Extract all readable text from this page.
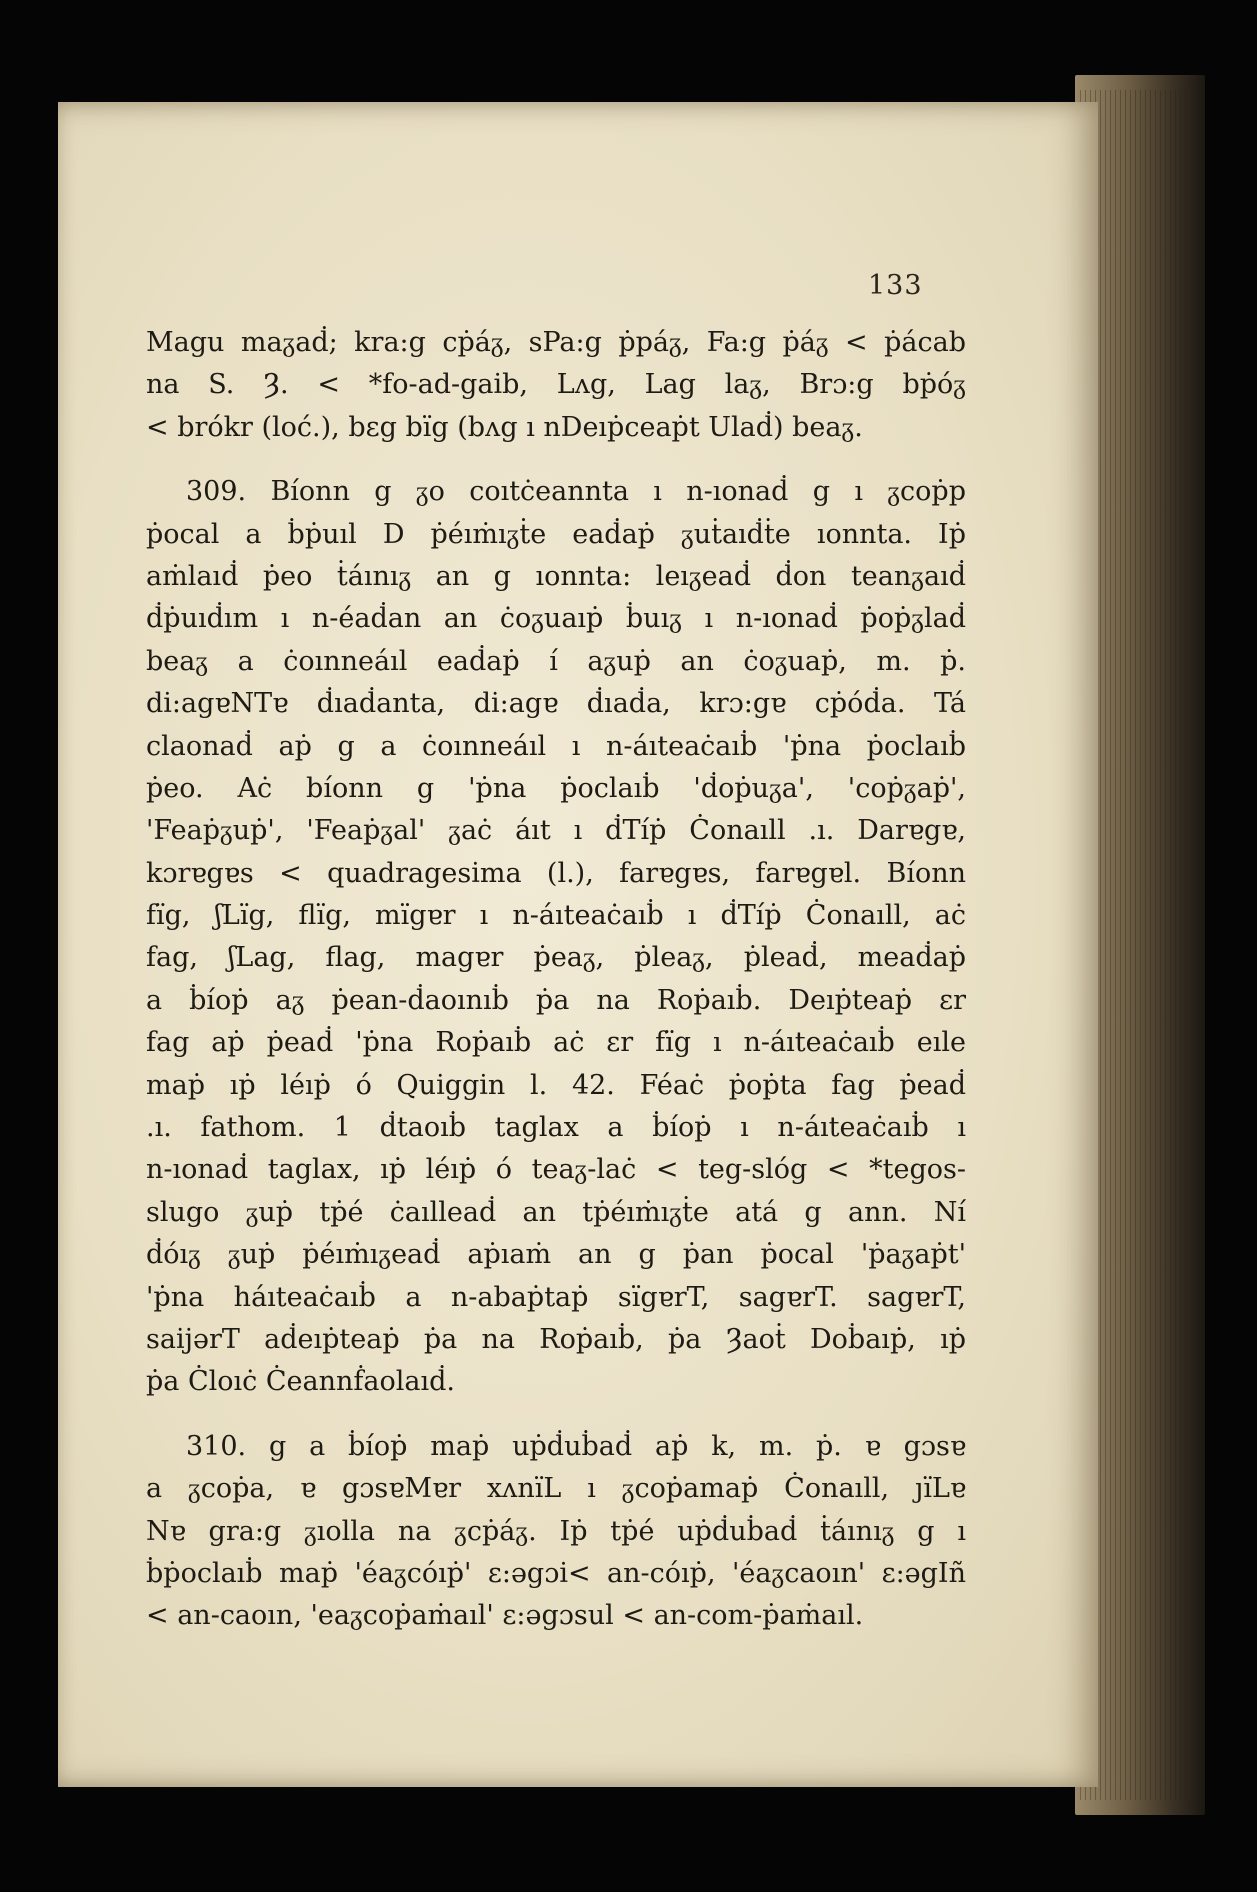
133
Magu maᵹaḋ; kra:g cṗáᵹ, sPa:g ṗpáᵹ, Fa:g ṗáᵹ < ṗácab
na S. Ȝ. < *fo-ad-gaib, Lᴧg, Lag laᵹ, Brɔ:g bṗóᵹ
< brókr (loć.), bɛg bïg (bᴧg ı nDeıṗceaṗt Ulaḋ) beaᵹ.
309. Bíonn g ᵹo coıtċeannta ı n-ıonaḋ g ı ᵹcoṗp
ṗocal a ḃṗuıl D ṗéıṁıᵹṫe eaḋaṗ ᵹuṫaıḋṫe ıonnta. Iṗ
aṁlaıḋ ṗeo ṫáınıᵹ an g ıonnta: leıᵹeaḋ ḋon teanᵹaıḋ
ḋṗuıḋım ı n-éaḋan an ċoᵹuaıṗ ḃuıᵹ ı n-ıonaḋ ṗoṗᵹlaḋ
beaᵹ a ċoınneáıl eaḋaṗ í aᵹuṗ an ċoᵹuaṗ, m. ṗ.
di:agɐNTɐ ḋıaḋanta, di:agɐ ḋıaḋa, krɔ:gɐ cṗóḋa. Tá
claonaḋ aṗ g a ċoınneáıl ı n-áıteaċaıḃ 'ṗna ṗoclaıḃ
ṗeo. Aċ bíonn g 'ṗna ṗoclaıḃ 'ḋoṗuᵹa', 'coṗᵹaṗ',
'Feaṗᵹuṗ', 'Feaṗᵹal' ᵹaċ áıt ı ḋTíṗ Ċonaıll .ı. Darɐgɐ,
kɔrɐgɐs < quadragesima (l.), farɐgɐs, farɐgɐl. Bíonn
fïg, ʃLïg, flïg, mïgɐr ı n-áıteaċaıḃ ı ḋTíṗ Ċonaıll, aċ
fag, ʃLag, flag, magɐr ṗeaᵹ, ṗleaᵹ, ṗleaḋ, meaḋaṗ
a ḃíoṗ aᵹ ṗean-ḋaoınıḃ ṗa na Roṗaıḃ. Deıṗteaṗ ɛr
fag aṗ ṗeaḋ 'ṗna Roṗaıḃ aċ ɛr fïg ı n-áıteaċaıḃ eıle
maṗ ıṗ léıṗ ó Quiggin l. 42. Féaċ ṗoṗta fag ṗeaḋ
.ı. fathom. 1 ḋtaoıḃ taglax a ḃíoṗ ı n-áıteaċaıḃ ı
n-ıonaḋ taglax, ıṗ léıṗ ó teaᵹ-laċ < teg-slóg < *tegos-
slugo ᵹuṗ tṗé ċaılleaḋ an tṗéıṁıᵹṫe atá g ann. Ní
ḋóıᵹ ᵹuṗ ṗéıṁıᵹeaḋ aṗıaṁ an g ṗan ṗocal 'ṗaᵹaṗt'
'ṗna háıteaċaıḃ a n-abaṗtaṗ sïgɐrT, sagɐrT. sagɐrT,
saijərT aḋeıṗteaṗ ṗa na Roṗaıḃ, ṗa Ȝaoṫ Doḃaıṗ, ıṗ
ṗa Ċloıċ Ċeannḟaolaıḋ.
310. g a ḃíoṗ maṗ uṗḋuḃaḋ aṗ k, m. ṗ. ɐ gɔsɐ
a ᵹcoṗa, ɐ gɔsɐMɐr xᴧnïL ı ᵹcoṗamaṗ Ċonaıll, ȷïLɐ
Nɐ gra:g ᵹıolla na ᵹcṗáᵹ. Iṗ tṗé uṗḋuḃaḋ ṫáınıᵹ g ı
ḃṗoclaıḃ maṗ 'éaᵹcóıṗ' ɛ:əgɔi< an-cóıṗ, 'éaᵹcaoın' ɛ:əgIñ
< an-caoın, 'eaᵹcoṗaṁaıl' ɛ:əgɔsul < an-com-ṗaṁaıl.
